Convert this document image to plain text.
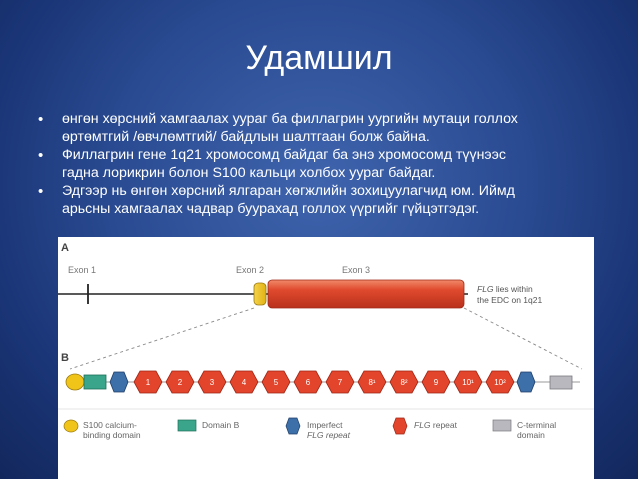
Удамшил
• өнгөн хөрсний хамгаалах уураг ба филлагрин уургийн мутаци голлох
өртөмтгий /өвчлөмтгий/ байдлын шалтгаан болж байна.
• Филлагрин гене 1q21 хромосомд байдаг ба энэ хромосомд түүнээс
гадна лорикрин болон S100 кальци холбох уураг байдаг.
• Эдгээр нь өнгөн хөрсний ялгаран хөгжлийн зохицуулагчид юм. Иймд
арьсны хамгаалах чадвар буурахад голлох үүргийг гүйцэтгэдэг.
A
Exon 1	Exon 2	Exon 3
FLG lies within
the EDC on 1q21
B
1	2	3	4	5	6	7	8¹	8²	9	10¹	10²
S100 calcium-
binding domain
Domain B	Imperfect
FLG repeat
FLG repeat	C-terminal
domain
